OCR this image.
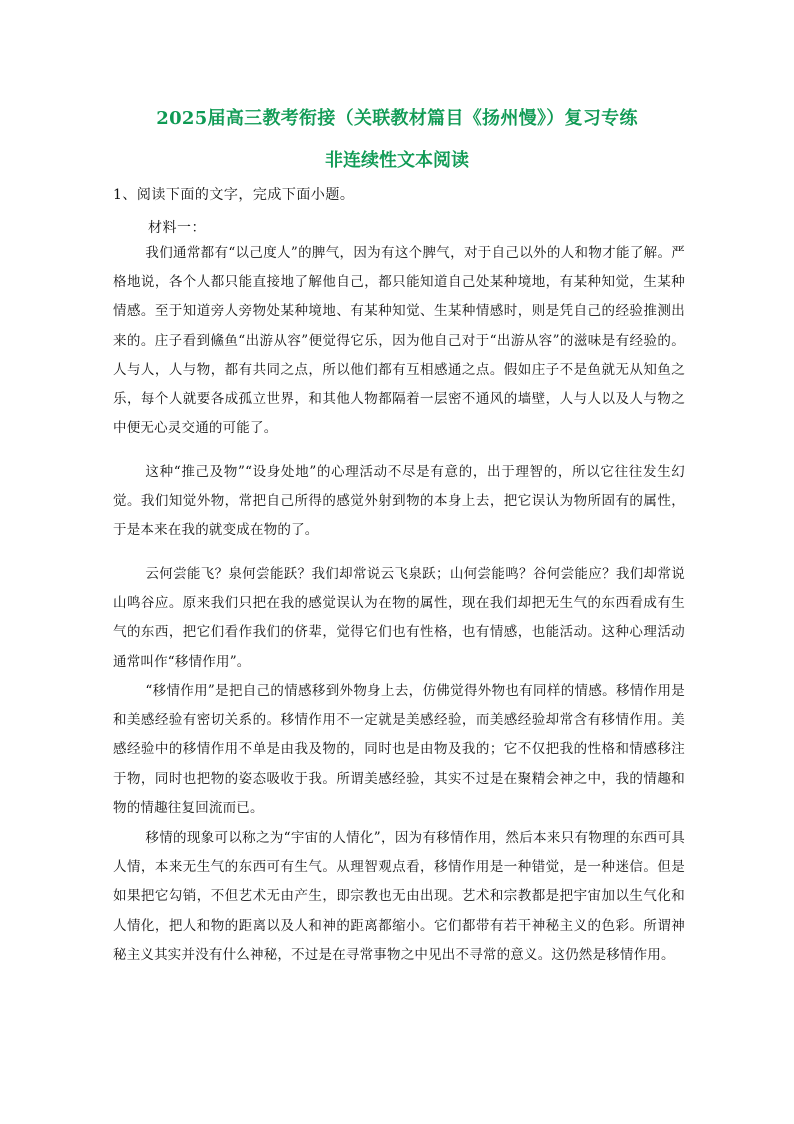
2025届高三教考衔接（关联教材篇目《扬州慢》）复习专练
非连续性文本阅读
1、阅读下面的文字，完成下面小题。
材料一：

我们通常都有“以己度人”的脾气，因为有这个脾气，对于自己以外的人和物才能了解。严格地说，各个人都只能直接地了解他自己，都只能知道自己处某种境地，有某种知觉，生某种情感。至于知道旁人旁物处某种境地、有某种知觉、生某种情感时，则是凭自己的经验推测出来的。庄子看到鯈鱼“出游从容”便觉得它乐，因为他自己对于“出游从容”的滋味是有经验的。人与人，人与物，都有共同之点，所以他们都有互相感通之点。假如庄子不是鱼就无从知鱼之乐，每个人就要各成孤立世界，和其他人物都隔着一层密不通风的墙壁，人与人以及人与物之中便无心灵交通的可能了。

这种“推己及物”“设身处地”的心理活动不尽是有意的，出于理智的，所以它往往发生幻觉。我们知觉外物，常把自己所得的感觉外射到物的本身上去，把它误认为物所固有的属性，于是本来在我的就变成在物的了。

云何尝能飞？泉何尝能跃？我们却常说云飞泉跃；山何尝能鸣？谷何尝能应？我们却常说山鸣谷应。原来我们只把在我的感觉误认为在物的属性，现在我们却把无生气的东西看成有生气的东西，把它们看作我们的侪辈，觉得它们也有性格，也有情感，也能活动。这种心理活动通常叫作“移情作用”。

“移情作用”是把自己的情感移到外物身上去，仿佛觉得外物也有同样的情感。移情作用是和美感经验有密切关系的。移情作用不一定就是美感经验，而美感经验却常含有移情作用。美感经验中的移情作用不单是由我及物的，同时也是由物及我的；它不仅把我的性格和情感移注于物，同时也把物的姿态吸收于我。所谓美感经验，其实不过是在聚精会神之中，我的情趣和物的情趣往复回流而已。

移情的现象可以称之为“宇宙的人情化”，因为有移情作用，然后本来只有物理的东西可具人情，本来无生气的东西可有生气。从理智观点看，移情作用是一种错觉，是一种迷信。但是如果把它勾销，不但艺术无由产生，即宗教也无由出现。艺术和宗教都是把宇宙加以生气化和人情化，把人和物的距离以及人和神的距离都缩小。它们都带有若干神秘主义的色彩。所谓神秘主义其实并没有什么神秘，不过是在寻常事物之中见出不寻常的意义。这仍然是移情作用。
